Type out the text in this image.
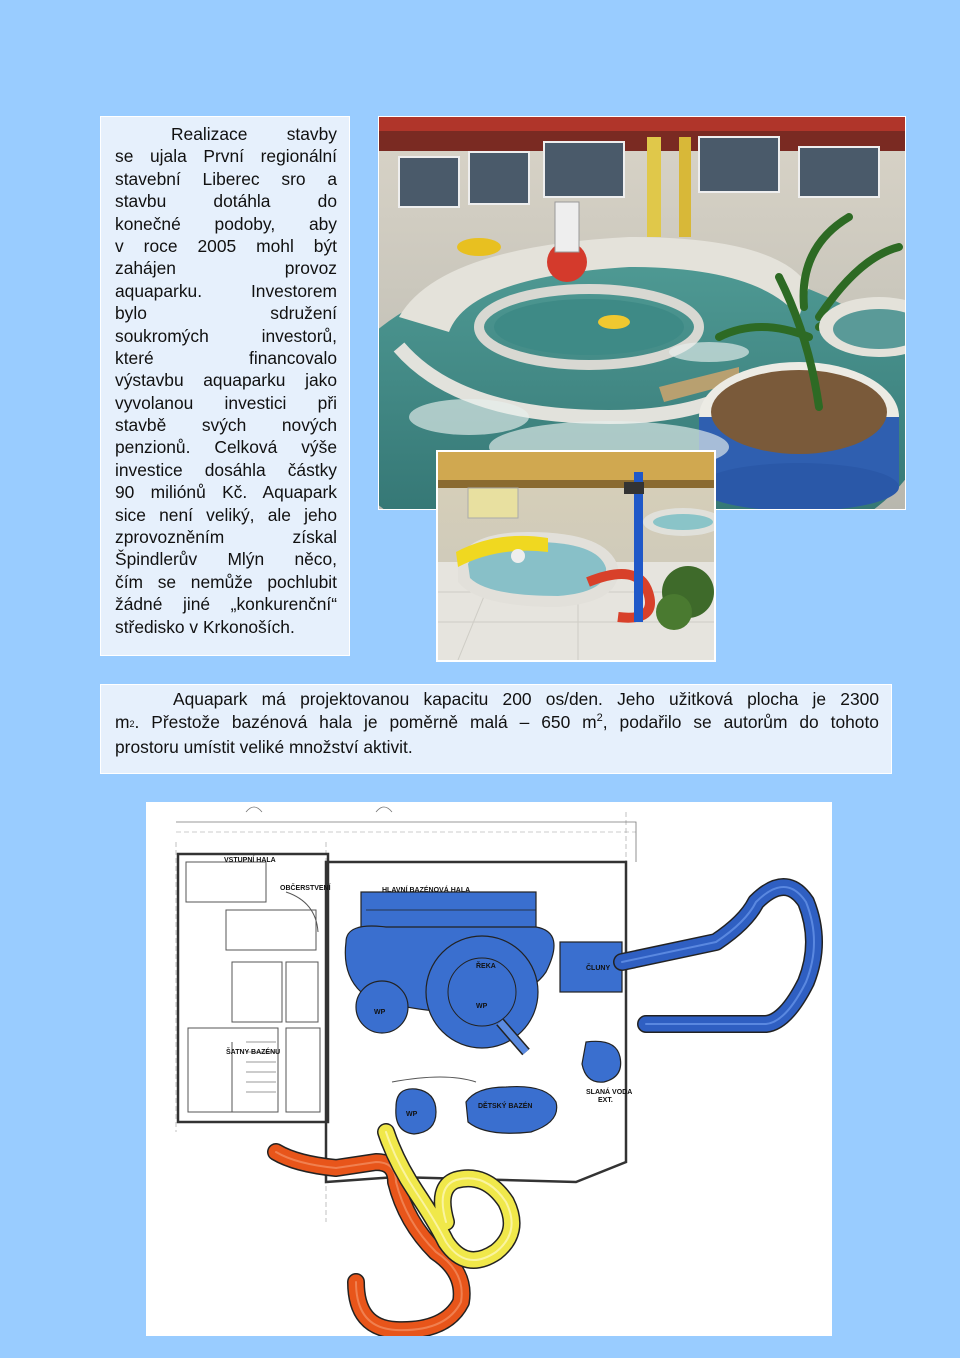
Realizace stavby
se ujala První regionální
stavební Liberec sro a
stavbu dotáhla do
konečné podoby, aby
v roce 2005 mohl být
zahájen provoz
aquaparku. Investorem
bylo sdružení
soukromých investorů,
které financovalo
výstavbu aquaparku jako
vyvolanou investici při
stavbě svých nových
penzionů. Celková výše
investice dosáhla částky
90 miliónů Kč. Aquapark
sice není veliký, ale jeho
zprovozněním získal
Špindlerův Mlýn něco,
čím se nemůže pochlubit
žádné jiné „konkurenční“
středisko v Krkonoších.
Aquapark má projektovanou kapacitu 200 os/den. Jeho užitková plocha je 2300
m2. Přestože bazénová hala je poměrně malá – 650 $m^2$, podařilo se autorům do tohoto
prostoru umístit veliké množství aktivit.
VSTUPNÍ HALA
OBČERSTVENÍ	HLAVNÍ BAZÉNOVÁ HALA
ŘEKA	ČLUNY
WP
WP
WP
ŠATNY BAZÉNU
DĚTSKÝ BAZÉN
SLANÁ VODA
EXT.
